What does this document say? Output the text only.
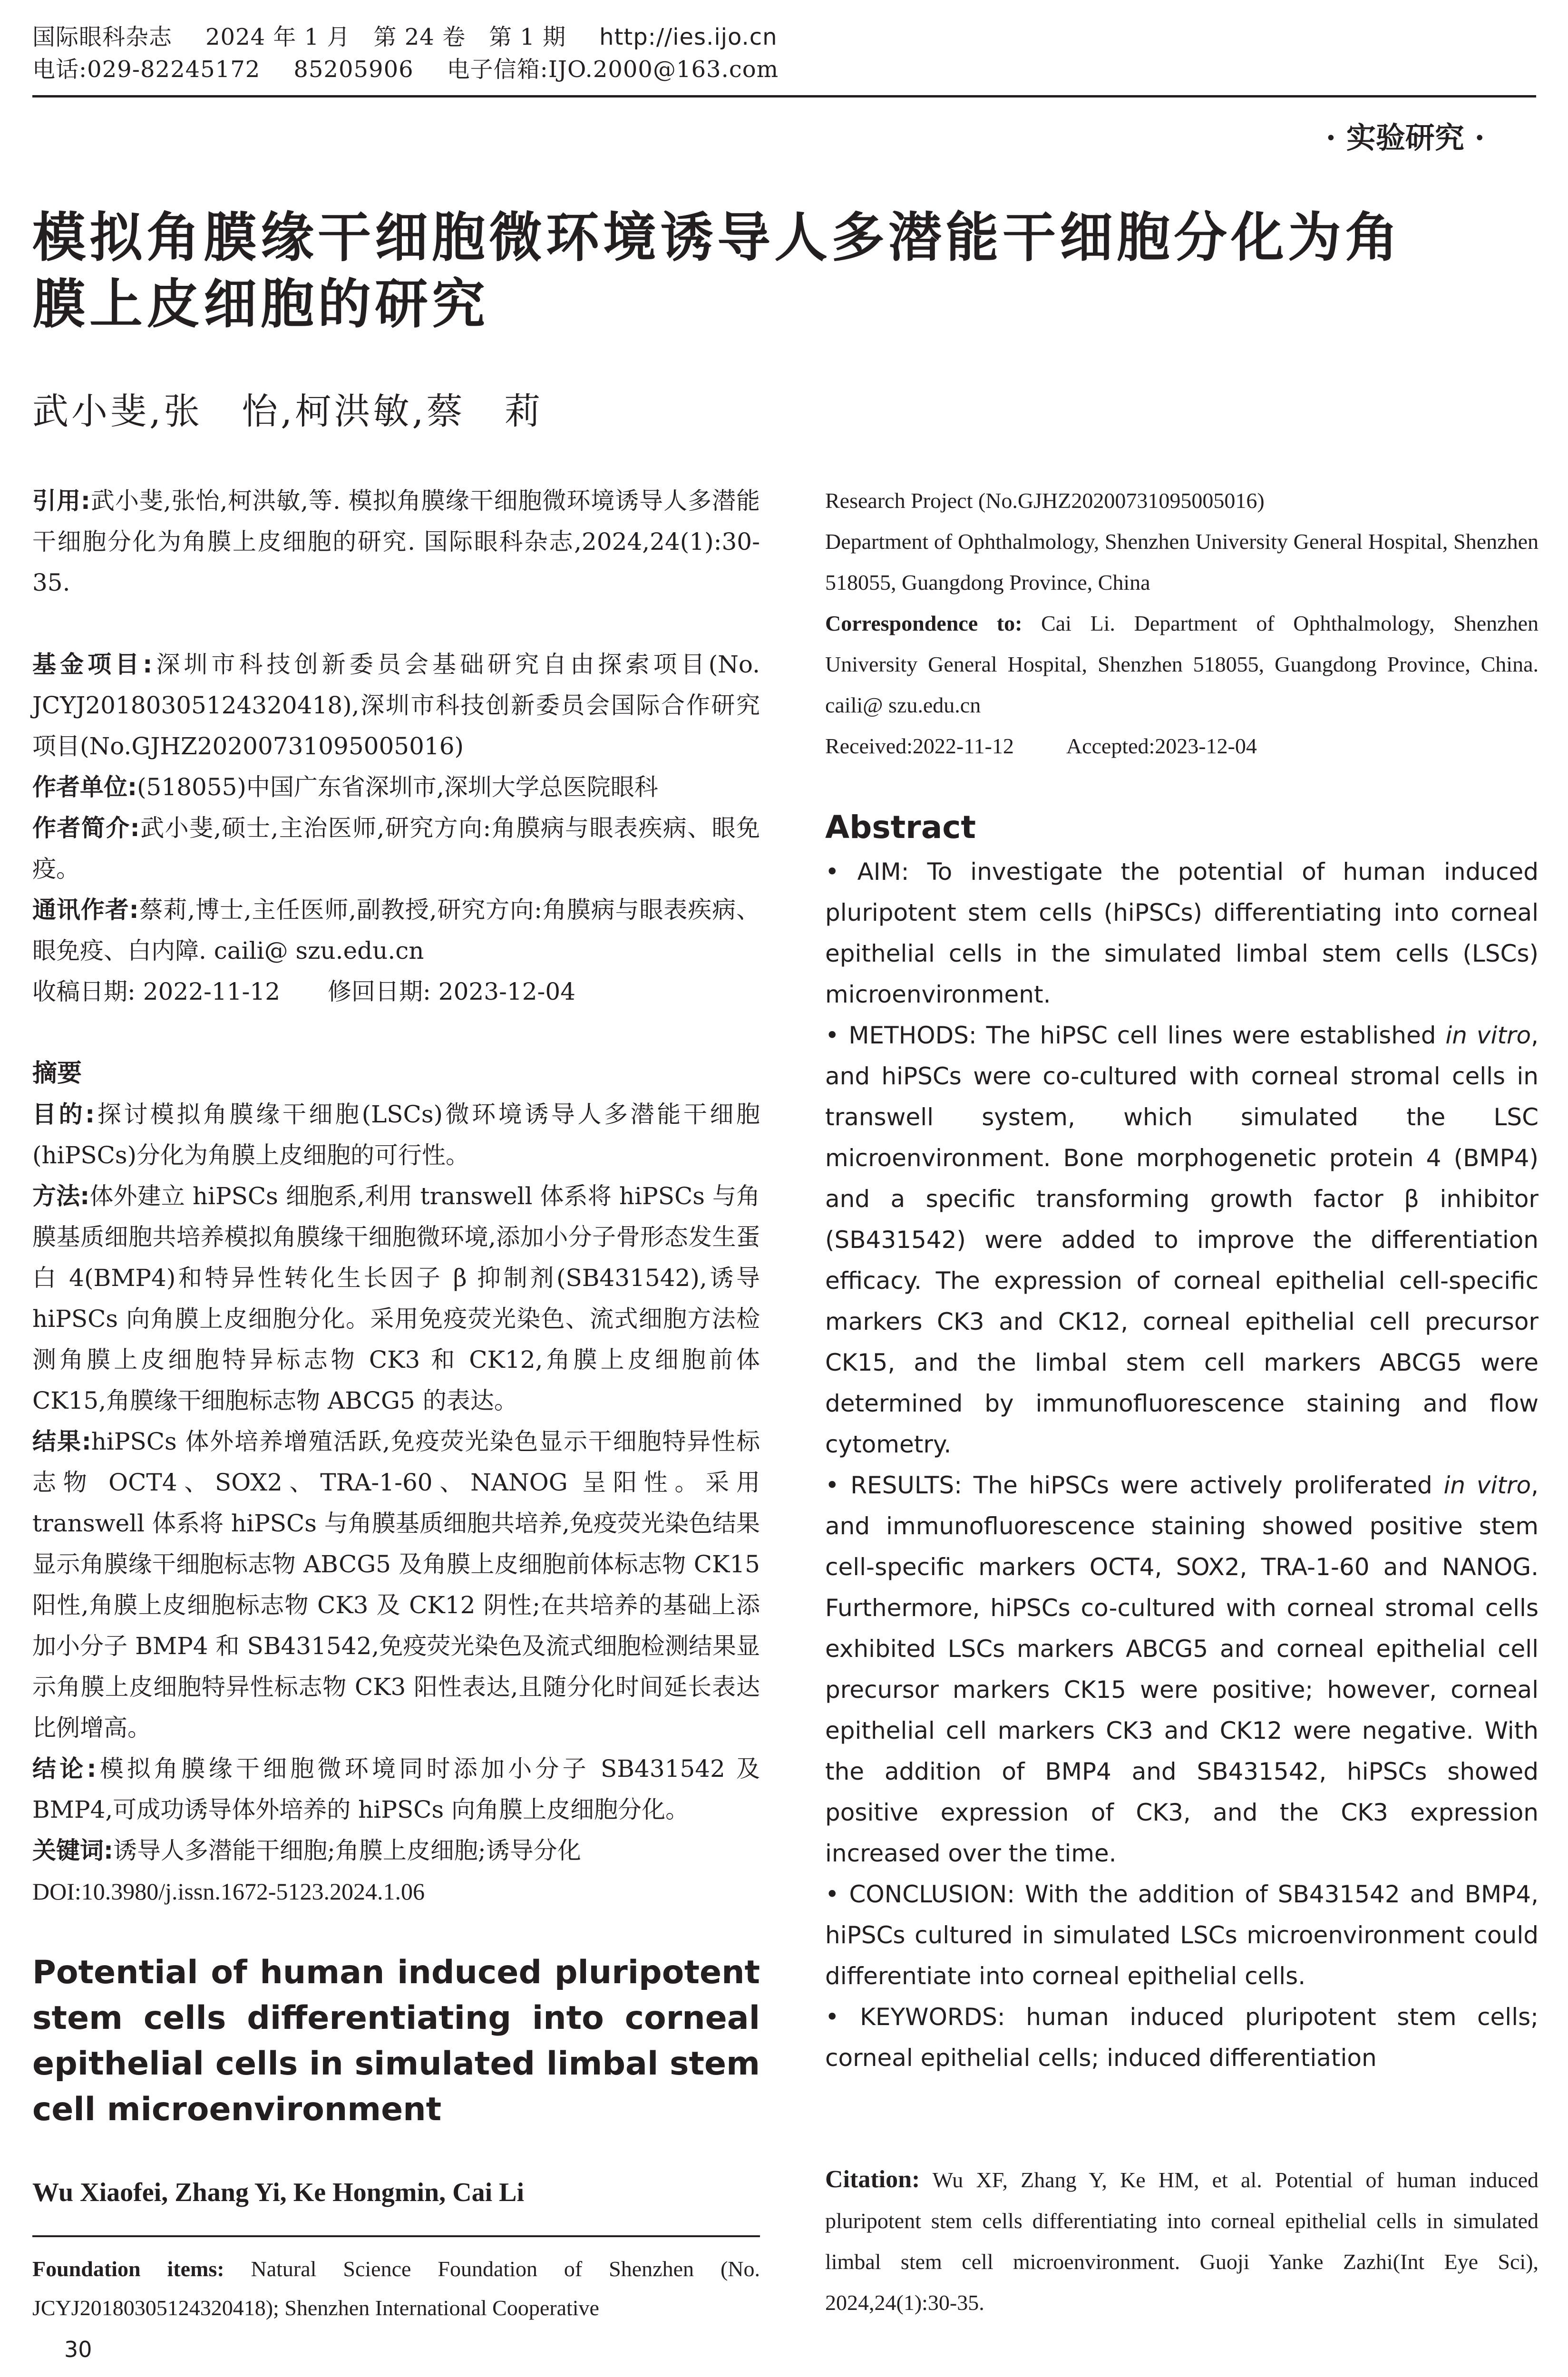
国际眼科杂志 2024 年 1 月　第 24 卷　第 1 期 http://ies.ijo.cn
电话:029-82245172 85205906 电子信箱:IJO.2000@163.com
· 实验研究 ·
模拟角膜缘干细胞微环境诱导人多潜能干细胞分化为角
膜上皮细胞的研究
武小斐,张　怡,柯洪敏,蔡　莉

引用:武小斐,张怡,柯洪敏,等. 模拟角膜缘干细胞微环境诱导人多潜能干细胞分化为角膜上皮细胞的研究. 国际眼科杂志,2024,24(1):30-35.

基金项目:深圳市科技创新委员会基础研究自由探索项目(No. JCYJ20180305124320418),深圳市科技创新委员会国际合作研究项目(No.GJHZ20200731095005016)

作者单位:(518055)中国广东省深圳市,深圳大学总医院眼科

作者简介:武小斐,硕士,主治医师,研究方向:角膜病与眼表疾病、眼免疫。

通讯作者:蔡莉,博士,主任医师,副教授,研究方向:角膜病与眼表疾病、眼免疫、白内障. caili@ szu.edu.cn

收稿日期: 2022-11-12　　修回日期: 2023-12-04

摘要

目的:探讨模拟角膜缘干细胞(LSCs)微环境诱导人多潜能干细胞(hiPSCs)分化为角膜上皮细胞的可行性。

方法:体外建立 hiPSCs 细胞系,利用 transwell 体系将 hiPSCs 与角膜基质细胞共培养模拟角膜缘干细胞微环境,添加小分子骨形态发生蛋白 4(BMP4)和特异性转化生长因子 β 抑制剂(SB431542),诱导 hiPSCs 向角膜上皮细胞分化。采用免疫荧光染色、流式细胞方法检测角膜上皮细胞特异标志物 CK3 和 CK12,角膜上皮细胞前体 CK15,角膜缘干细胞标志物 ABCG5 的表达。

结果:hiPSCs 体外培养增殖活跃,免疫荧光染色显示干细胞特异性标志物 OCT4、SOX2、TRA-1-60、NANOG 呈阳性。采用 transwell 体系将 hiPSCs 与角膜基质细胞共培养,免疫荧光染色结果显示角膜缘干细胞标志物 ABCG5 及角膜上皮细胞前体标志物 CK15 阳性,角膜上皮细胞标志物 CK3 及 CK12 阴性;在共培养的基础上添加小分子 BMP4 和 SB431542,免疫荧光染色及流式细胞检测结果显示角膜上皮细胞特异性标志物 CK3 阳性表达,且随分化时间延长表达比例增高。

结论:模拟角膜缘干细胞微环境同时添加小分子 SB431542 及 BMP4,可成功诱导体外培养的 hiPSCs 向角膜上皮细胞分化。

关键词:诱导人多潜能干细胞;角膜上皮细胞;诱导分化

DOI:10.3980/j.issn.1672-5123.2024.1.06

Potential of human induced pluripotent stem cells differentiating into corneal epithelial cells in simulated limbal stem cell microenvironment
Wu Xiaofei, Zhang Yi, Ke Hongmin, Cai Li
Foundation items: Natural Science Foundation of Shenzhen (No. JCYJ20180305124320418); Shenzhen International Cooperative
30

Research Project (No.GJHZ20200731095005016)

Department of Ophthalmology, Shenzhen University General Hospital, Shenzhen 518055, Guangdong Province, China

Correspondence to: Cai Li. Department of Ophthalmology, Shenzhen University General Hospital, Shenzhen 518055, Guangdong Province, China. caili@ szu.edu.cn

Received:2022-11-12 Accepted:2023-12-04

Abstract

• AIM: To investigate the potential of human induced pluripotent stem cells (hiPSCs) differentiating into corneal epithelial cells in the simulated limbal stem cells (LSCs) microenvironment.

• METHODS: The hiPSC cell lines were established in vitro, and hiPSCs were co-cultured with corneal stromal cells in transwell system, which simulated the LSC microenvironment. Bone morphogenetic protein 4 (BMP4) and a specific transforming growth factor β inhibitor (SB431542) were added to improve the differentiation efficacy. The expression of corneal epithelial cell-specific markers CK3 and CK12, corneal epithelial cell precursor CK15, and the limbal stem cell markers ABCG5 were determined by immunofluorescence staining and flow cytometry.

• RESULTS: The hiPSCs were actively proliferated in vitro, and immunofluorescence staining showed positive stem cell-specific markers OCT4, SOX2, TRA-1-60 and NANOG. Furthermore, hiPSCs co-cultured with corneal stromal cells exhibited LSCs markers ABCG5 and corneal epithelial cell precursor markers CK15 were positive; however, corneal epithelial cell markers CK3 and CK12 were negative. With the addition of BMP4 and SB431542, hiPSCs showed positive expression of CK3, and the CK3 expression increased over the time.

• CONCLUSION: With the addition of SB431542 and BMP4, hiPSCs cultured in simulated LSCs microenvironment could differentiate into corneal epithelial cells.

• KEYWORDS: human induced pluripotent stem cells; corneal epithelial cells; induced differentiation

Citation: Wu XF, Zhang Y, Ke HM, et al. Potential of human induced pluripotent stem cells differentiating into corneal epithelial cells in simulated limbal stem cell microenvironment. Guoji Yanke Zazhi(Int Eye Sci), 2024,24(1):30-35.
